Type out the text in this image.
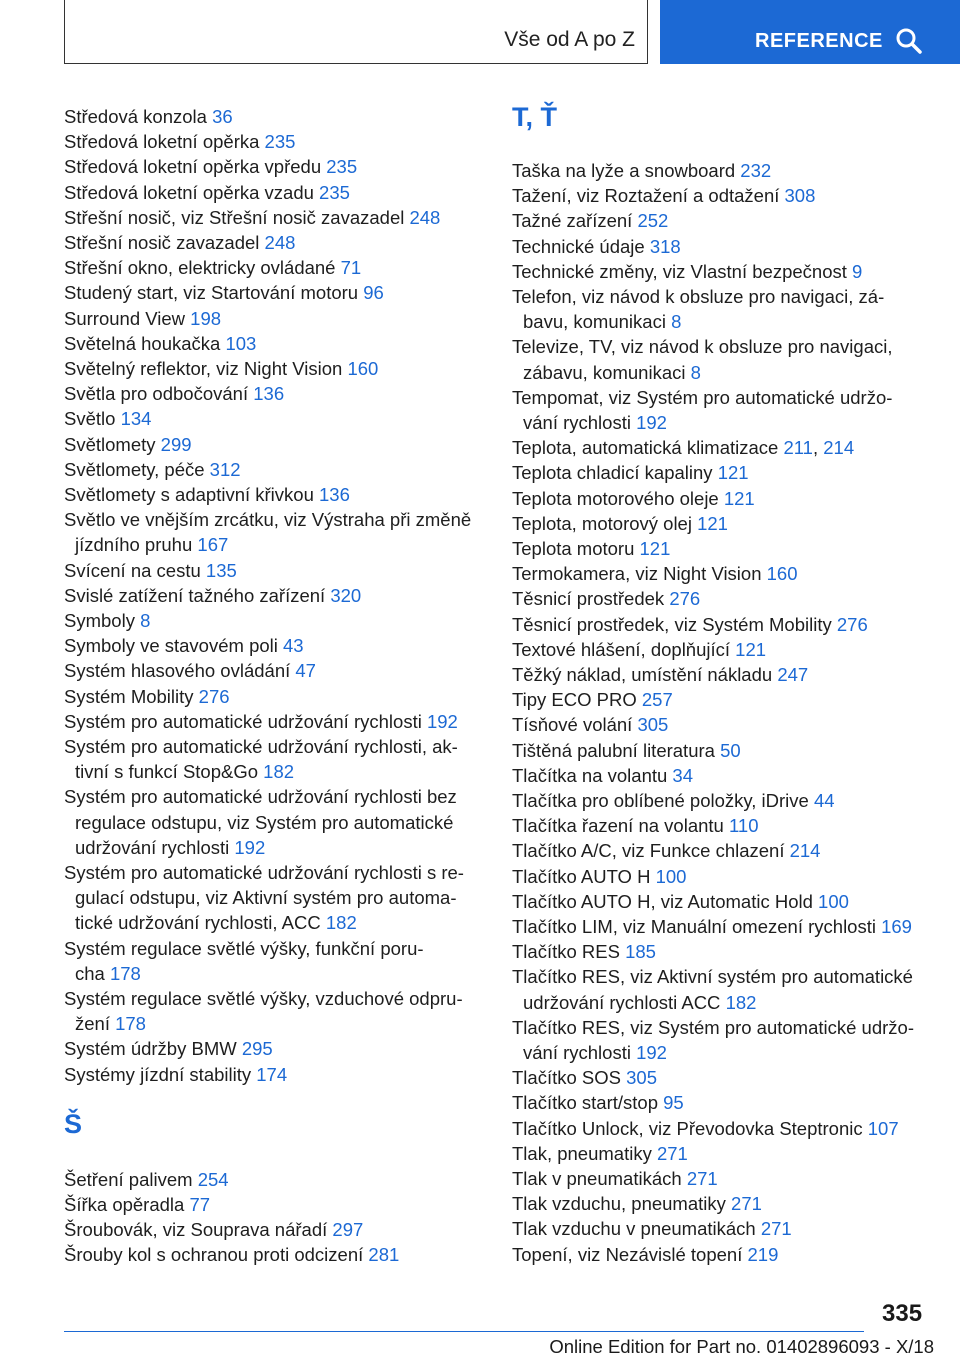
Vše od A po Z	REFERENCE
Středová konzola 36
Středová loketní opěrka 235
Středová loketní opěrka vpředu 235
Středová loketní opěrka vzadu 235
Střešní nosič, viz Střešní nosič zavazadel 248
Střešní nosič zavazadel 248
Střešní okno, elektricky ovládané 71
Studený start, viz Startování motoru 96
Surround View 198
Světelná houkačka 103
Světelný reflektor, viz Night Vision 160
Světla pro odbočování 136
Světlo 134
Světlomety 299
Světlomety, péče 312
Světlomety s adaptivní křivkou 136
Světlo ve vnějším zrcátku, viz Výstraha při změně
jízdního pruhu 167
Svícení na cestu 135
Svislé zatížení tažného zařízení 320
Symboly 8
Symboly ve stavovém poli 43
Systém hlasového ovládání 47
Systém Mobility 276
Systém pro automatické udržování rychlosti 192
Systém pro automatické udržování rychlosti, ak-
tivní s funkcí Stop&Go 182
Systém pro automatické udržování rychlosti bez
regulace odstupu, viz Systém pro automatické
udržování rychlosti 192
Systém pro automatické udržování rychlosti s re-
gulací odstupu, viz Aktivní systém pro automa-
tické udržování rychlosti, ACC 182
Systém regulace světlé výšky, funkční poru-
cha 178
Systém regulace světlé výšky, vzduchové odpru-
žení 178
Systém údržby BMW 295
Systémy jízdní stability 174
Š
Šetření palivem 254
Šířka opěradla 77
Šroubovák, viz Souprava nářadí 297
Šrouby kol s ochranou proti odcizení 281
T, Ť
Taška na lyže a snowboard 232
Tažení, viz Roztažení a odtažení 308
Tažné zařízení 252
Technické údaje 318
Technické změny, viz Vlastní bezpečnost 9
Telefon, viz návod k obsluze pro navigaci, zá-
bavu, komunikaci 8
Televize, TV, viz návod k obsluze pro navigaci,
zábavu, komunikaci 8
Tempomat, viz Systém pro automatické udržo-
vání rychlosti 192
Teplota, automatická klimatizace 211, 214
Teplota chladicí kapaliny 121
Teplota motorového oleje 121
Teplota, motorový olej 121
Teplota motoru 121
Termokamera, viz Night Vision 160
Těsnicí prostředek 276
Těsnicí prostředek, viz Systém Mobility 276
Textové hlášení, doplňující 121
Těžký náklad, umístění nákladu 247
Tipy ECO PRO 257
Tísňové volání 305
Tištěná palubní literatura 50
Tlačítka na volantu 34
Tlačítka pro oblíbené položky, iDrive 44
Tlačítka řazení na volantu 110
Tlačítko A/C, viz Funkce chlazení 214
Tlačítko AUTO H 100
Tlačítko AUTO H, viz Automatic Hold 100
Tlačítko LIM, viz Manuální omezení rychlosti 169
Tlačítko RES 185
Tlačítko RES, viz Aktivní systém pro automatické
udržování rychlosti ACC 182
Tlačítko RES, viz Systém pro automatické udržo-
vání rychlosti 192
Tlačítko SOS 305
Tlačítko start/stop 95
Tlačítko Unlock, viz Převodovka Steptronic 107
Tlak, pneumatiky 271
Tlak v pneumatikách 271
Tlak vzduchu, pneumatiky 271
Tlak vzduchu v pneumatikách 271
Topení, viz Nezávislé topení 219
335
Online Edition for Part no. 01402896093 - X/18
